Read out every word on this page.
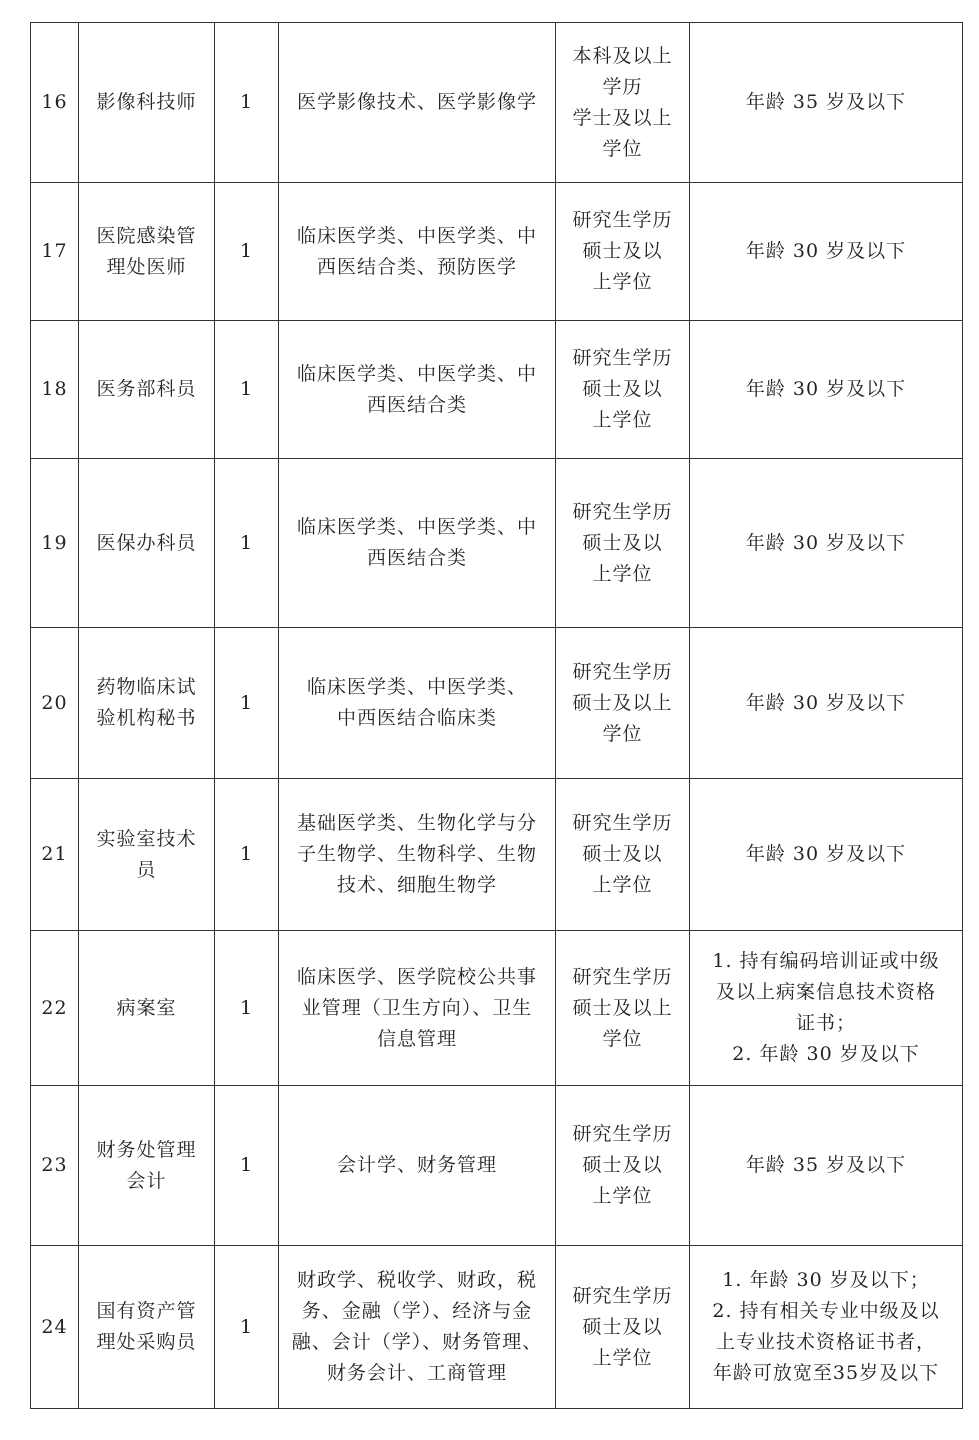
16	影像科技师	1	医学影像技术、医学影像学	本科及以上
学历
学士及以上
学位	年龄 35 岁及以下

17	医院感染管
理处医师	1	临床医学类、中医学类、中
西医结合类、预防医学	研究生学历
硕士及以
上学位	年龄 30 岁及以下

18	医务部科员	1	临床医学类、中医学类、中
西医结合类	研究生学历
硕士及以
上学位	年龄 30 岁及以下

19	医保办科员	1	临床医学类、中医学类、中
西医结合类	研究生学历
硕士及以
上学位	年龄 30 岁及以下

20	药物临床试
验机构秘书	1	临床医学类、中医学类、
中西医结合临床类	研究生学历
硕士及以上
学位	年龄 30 岁及以下

21	实验室技术
员	1	基础医学类、生物化学与分
子生物学、生物科学、生物
技术、细胞生物学	研究生学历
硕士及以
上学位	年龄 30 岁及以下

22	病案室	1	临床医学、医学院校公共事
业管理（卫生方向）、卫生
信息管理	研究生学历
硕士及以上
学位	1. 持有编码培训证或中级
及以上病案信息技术资格
证书；
2. 年龄 30 岁及以下

23	财务处管理
会计	1	会计学、财务管理	研究生学历
硕士及以
上学位	年龄 35 岁及以下

24	国有资产管
理处采购员	1	财政学、税收学、财政，税
务、金融（学）、经济与金
融、会计（学）、财务管理、
财务会计、工商管理	研究生学历
硕士及以
上学位	1. 年龄 30 岁及以下；
2. 持有相关专业中级及以
上专业技术资格证书者，
年龄可放宽至35岁及以下
